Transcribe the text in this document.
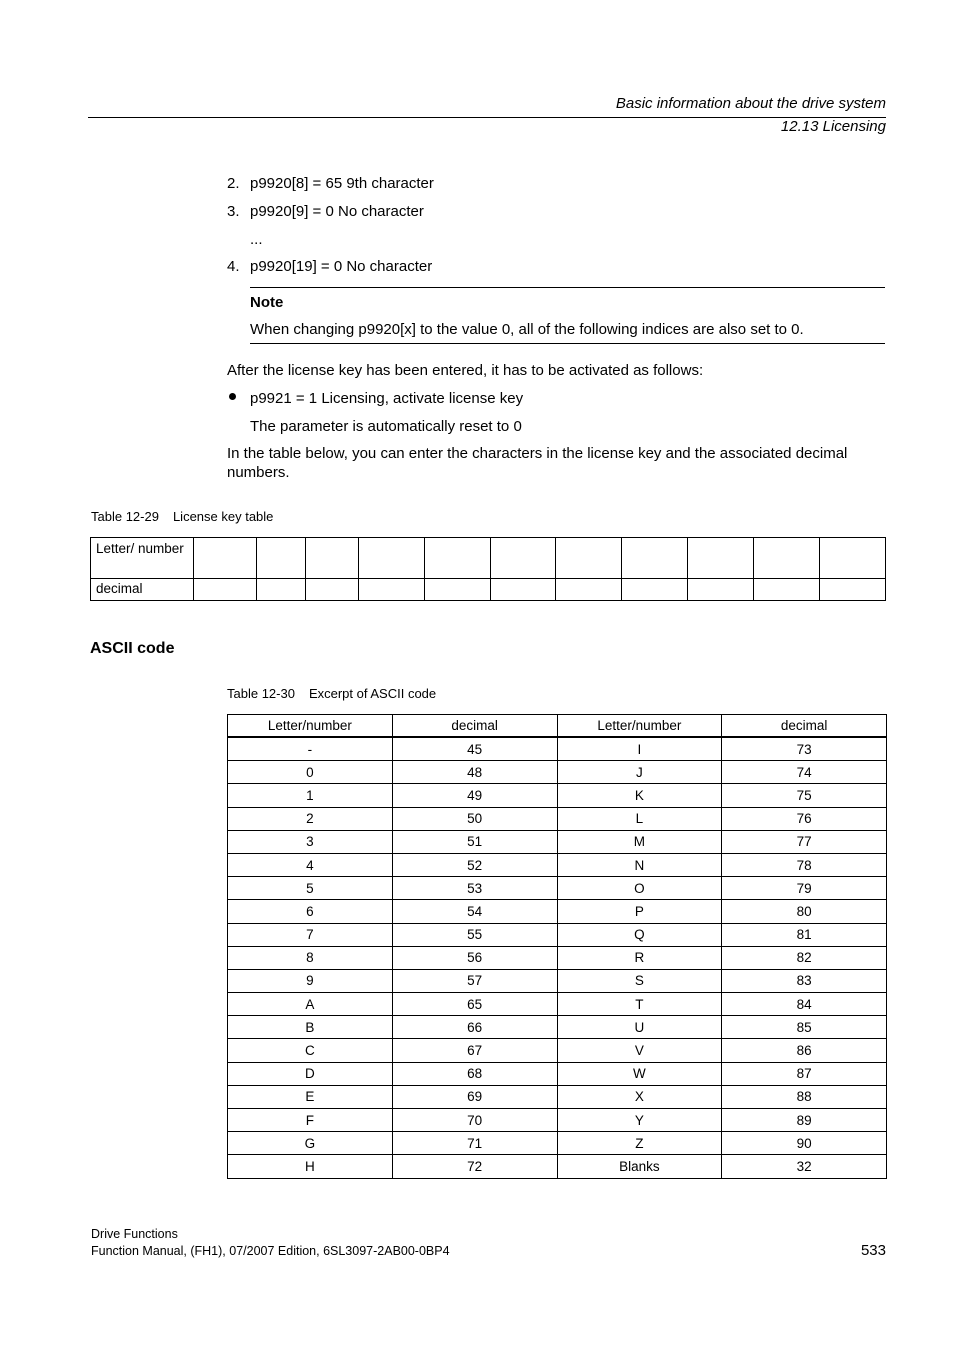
Basic information about the drive system
12.13 Licensing
2. p9920[8] = 65 9th character
3. p9920[9] = 0 No character
...
4. p9920[19] = 0 No character
Note
When changing p9920[x] to the value 0, all of the following indices are also set to 0.
After the license key has been entered, it has to be activated as follows:
p9921 = 1 Licensing, activate license key
The parameter is automatically reset to 0
In the table below, you can enter the characters in the license key and the associated decimal numbers.
Table 12-29 License key table
Letter/ number											
decimal											
ASCII code
Table 12-30 Excerpt of ASCII code
Letter/number	decimal	Letter/number	decimal
-	45	I	73
0	48	J	74
1	49	K	75
2	50	L	76
3	51	M	77
4	52	N	78
5	53	O	79
6	54	P	80
7	55	Q	81
8	56	R	82
9	57	S	83
A	65	T	84
B	66	U	85
C	67	V	86
D	68	W	87
E	69	X	88
F	70	Y	89
G	71	Z	90
H	72	Blanks	32
Drive Functions
Function Manual, (FH1), 07/2007 Edition, 6SL3097-2AB00-0BP4	533
